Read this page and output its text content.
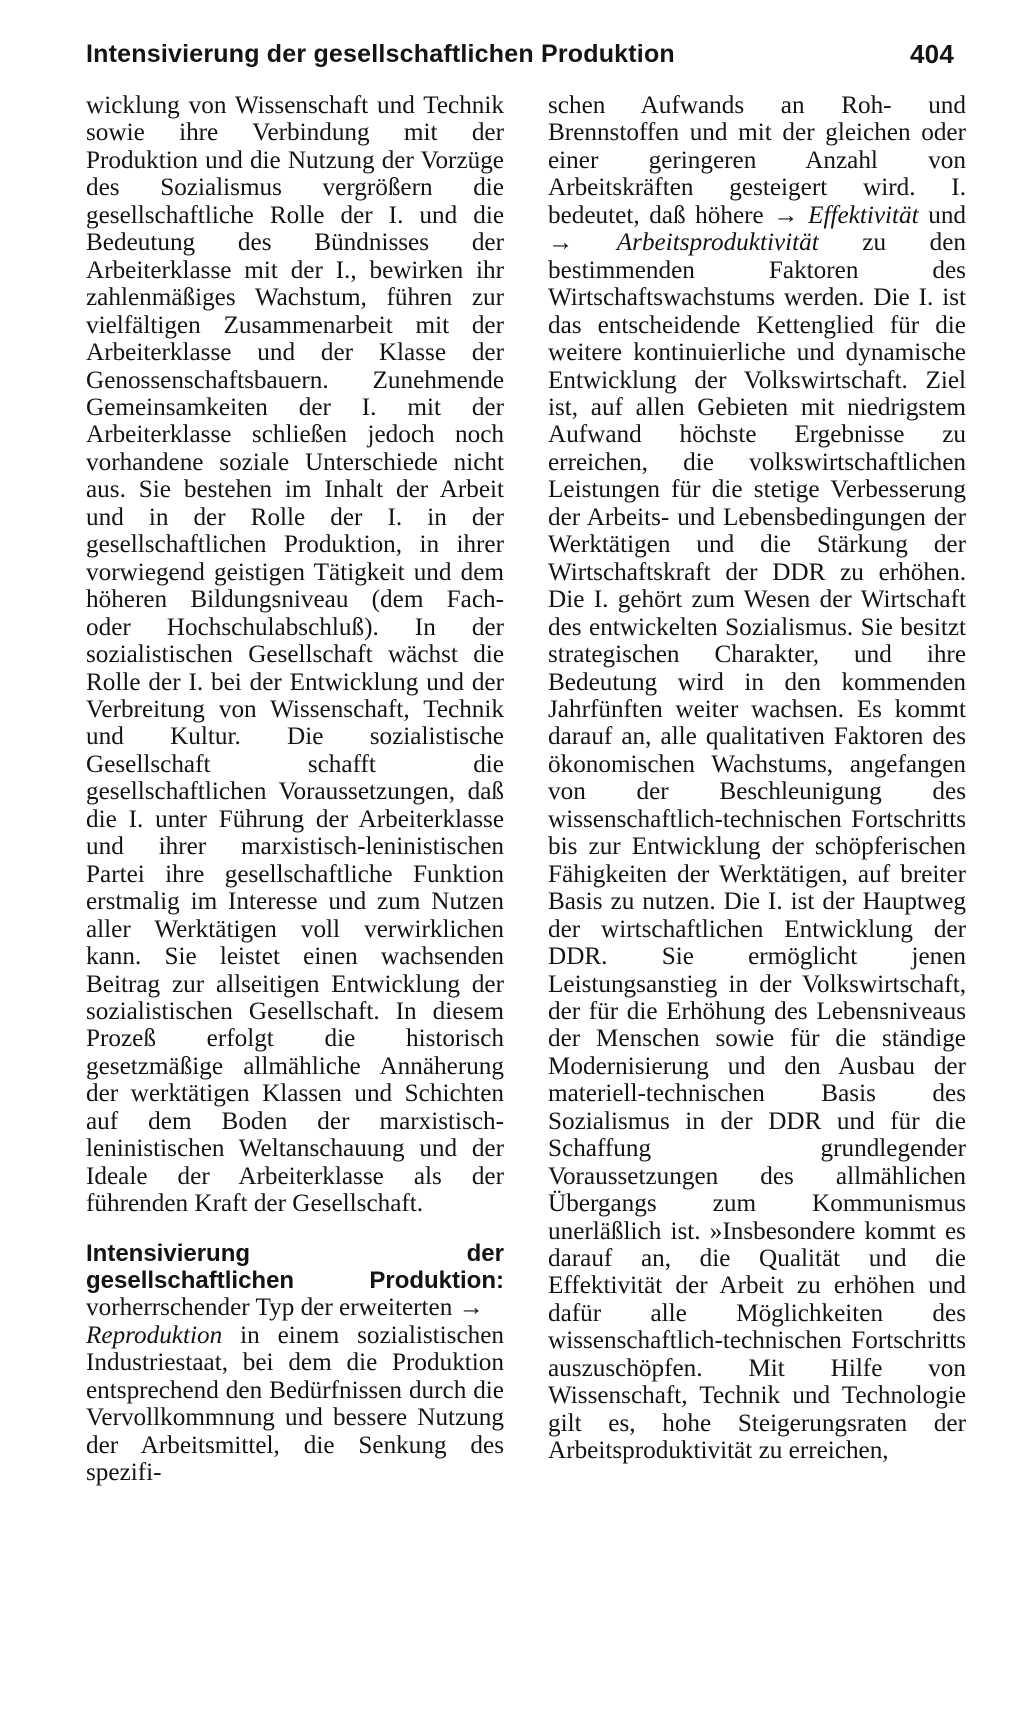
Intensivierung der gesellschaftlichen Produktion	404

wicklung von Wissenschaft und Technik sowie ihre Verbindung mit der Produktion und die Nutzung der Vorzüge des Sozialismus vergrößern die gesellschaftliche Rolle der I. und die Bedeutung des Bündnisses der Arbeiterklasse mit der I., bewirken ihr zahlenmäßiges Wachstum, führen zur vielfältigen Zusammenarbeit mit der Arbeiterklasse und der Klasse der Genossenschaftsbauern. Zunehmende Gemeinsamkeiten der I. mit der Arbeiterklasse schließen jedoch noch vorhandene soziale Unterschiede nicht aus. Sie bestehen im Inhalt der Arbeit und in der Rolle der I. in der gesellschaftlichen Produktion, in ihrer vorwiegend geistigen Tätigkeit und dem höheren Bildungsniveau (dem Fach- oder Hochschulabschluß). In der sozialistischen Gesellschaft wächst die Rolle der I. bei der Entwicklung und der Verbreitung von Wissenschaft, Technik und Kultur. Die sozialistische Gesellschaft schafft die gesellschaftlichen Voraussetzungen, daß die I. unter Führung der Arbeiterklasse und ihrer marxistisch-leninistischen Partei ihre gesellschaftliche Funktion erstmalig im Interesse und zum Nutzen aller Werktätigen voll verwirklichen kann. Sie leistet einen wachsenden Beitrag zur allseitigen Entwicklung der sozialistischen Gesellschaft. In diesem Prozeß erfolgt die historisch gesetzmäßige allmähliche Annäherung der werktätigen Klassen und Schichten auf dem Boden der marxistisch-leninistischen Weltanschauung und der Ideale der Arbeiterklasse als der führenden Kraft der Gesellschaft.

Intensivierung der gesellschaftlichen Produktion: vorherrschender Typ der erweiterten →
Reproduktion in einem sozialistischen Industriestaat, bei dem die Produktion entsprechend den Bedürfnissen durch die Vervollkommnung und bessere Nutzung der Arbeitsmittel, die Senkung des spezifi-

schen Aufwands an Roh- und Brennstoffen und mit der gleichen oder einer geringeren Anzahl von Arbeitskräften gesteigert wird. I. bedeutet, daß höhere → Effektivität und → Arbeitsproduktivität zu den bestimmenden Faktoren des Wirtschaftswachstums werden. Die I. ist das entscheidende Kettenglied für die weitere kontinuierliche und dynamische Entwicklung der Volkswirtschaft. Ziel ist, auf allen Gebieten mit niedrigstem Aufwand höchste Ergebnisse zu erreichen, die volkswirtschaftlichen Leistungen für die stetige Verbesserung der Arbeits- und Lebensbedingungen der Werktätigen und die Stärkung der Wirtschaftskraft der DDR zu erhöhen. Die I. gehört zum Wesen der Wirtschaft des entwickelten Sozialismus. Sie besitzt strategischen Charakter, und ihre Bedeutung wird in den kommenden Jahrfünften weiter wachsen. Es kommt darauf an, alle qualitativen Faktoren des ökonomischen Wachstums, angefangen von der Beschleunigung des wissenschaftlich-technischen Fortschritts bis zur Entwicklung der schöpferischen Fähigkeiten der Werktätigen, auf breiter Basis zu nutzen. Die I. ist der Hauptweg der wirtschaftlichen Entwicklung der DDR. Sie ermöglicht jenen Leistungsanstieg in der Volkswirtschaft, der für die Erhöhung des Lebensniveaus der Menschen sowie für die ständige Modernisierung und den Ausbau der materiell-technischen Basis des Sozialismus in der DDR und für die Schaffung grundlegender Voraussetzungen des allmählichen Übergangs zum Kommunismus unerläßlich ist. »Insbesondere kommt es darauf an, die Qualität und die Effektivität der Arbeit zu erhöhen und dafür alle Möglichkeiten des wissenschaftlich-technischen Fortschritts auszuschöpfen. Mit Hilfe von Wissenschaft, Technik und Technologie gilt es, hohe Steigerungsraten der Arbeitsproduktivität zu erreichen,
